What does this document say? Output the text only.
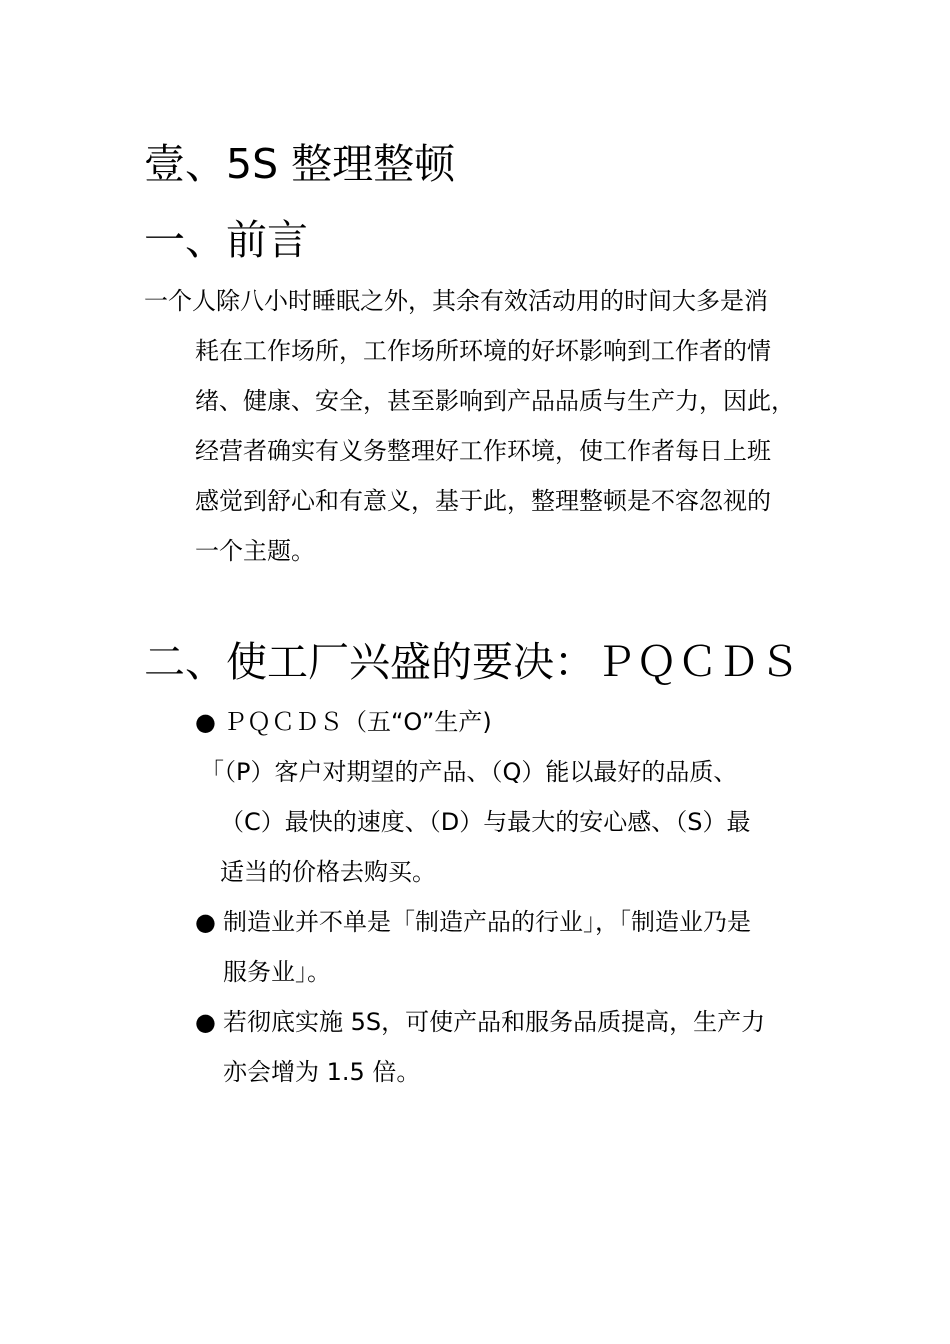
壹、5S 整理整顿
一、前言
一个人除八小时睡眠之外，其余有效活动用的时间大多是消
耗在工作场所，工作场所环境的好坏影响到工作者的情
绪、健康、安全，甚至影响到产品品质与生产力，因此，
经营者确实有义务整理好工作环境，使工作者每日上班
感觉到舒心和有意义，基于此，整理整顿是不容忽视的
一个主题。
二、使工厂兴盛的要决：ＰＱＣＤＳ
● ＰＱＣＤＳ（五“O”生产)
「（P）客户对期望的产品、（Q）能以最好的品质、
（C）最快的速度、（D）与最大的安心感、（S）最
适当的价格去购买。
● 制造业并不单是「制造产品的行业」，「制造业乃是
服务业」。
● 若彻底实施 5S，可使产品和服务品质提高，生产力
亦会增为 1.5 倍。
